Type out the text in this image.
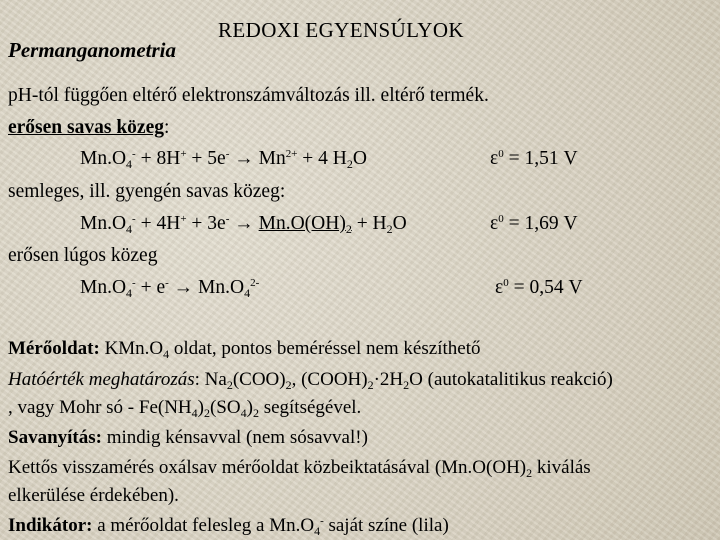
REDOXI EGYENSÚLYOK
Permanganometria
pH-tól függően eltérő elektronszámváltozás ill. eltérő termék.
erősen savas közeg:
$Mn.O_4^- + 8H^+ + 5e^- \to Mn^{2+} + 4$ $H_2O$	$\varepsilon^0 = 1,51$ V
semleges, ill. gyengén savas közeg:
$Mn.O_4^- + 4H^+ + 3e^- \to Mn.O(OH)_2 + H_2O$	$\varepsilon^0 = 1,69$ V
erősen lúgos közeg
$Mn.O_4^- + e^- \to Mn.O_4^{2-}$	$\varepsilon^0 = 0,54$ V
Mérőoldat: $KMn.O_4$ oldat, pontos beméréssel nem készíthető
Hatóérték meghatározás: $Na_2(COO)_2$, $(COOH)_2\cdot 2H_2O$ (autokatalitikus reakció)
, vagy Mohr só - $Fe(NH_4)_2(SO_4)_2$ segítségével.
Savanyítás: mindig kénsavval (nem sósavval!)
Kettős visszamérés oxálsav mérőoldat közbeiktatásával ($Mn.O(OH)_2$ kiválás
elkerülése érdekében).
Indikátor: a mérőoldat felesleg a $Mn.O_4^-$ saját színe (lila)
